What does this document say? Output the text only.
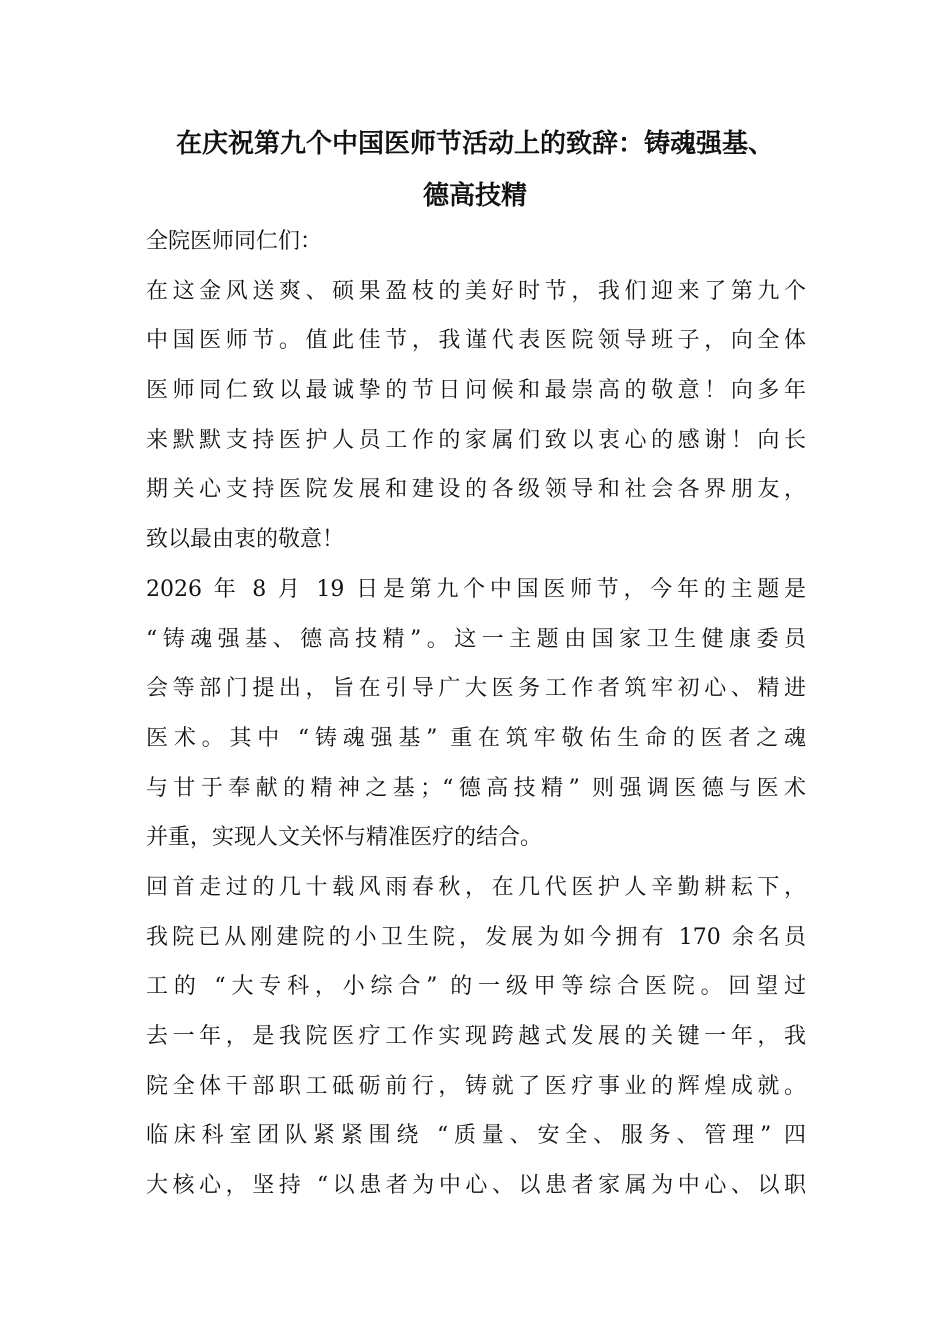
在庆祝第九个中国医师节活动上的致辞：铸魂强基、
德高技精
全院医师同仁们：
在这金风送爽、硕果盈枝的美好时节，我们迎来了第九个
中国医师节。值此佳节，我谨代表医院领导班子，向全体
医师同仁致以最诚挚的节日问候和最崇高的敬意！向多年
来默默支持医护人员工作的家属们致以衷心的感谢！向长
期关心支持医院发展和建设的各级领导和社会各界朋友，
致以最由衷的敬意！
2026 年 8 月 19 日是第九个中国医师节，今年的主题是
“铸魂强基、德高技精”。这一主题由国家卫生健康委员
会等部门提出，旨在引导广大医务工作者筑牢初心、精进
医术。其中 “铸魂强基” 重在筑牢敬佑生命的医者之魂
与甘于奉献的精神之基；“德高技精” 则强调医德与医术
并重，实现人文关怀与精准医疗的结合。
回首走过的几十载风雨春秋，在几代医护人辛勤耕耘下，
我院已从刚建院的小卫生院，发展为如今拥有 170 余名员
工的 “大专科，小综合” 的一级甲等综合医院。回望过
去一年，是我院医疗工作实现跨越式发展的关键一年，我
院全体干部职工砥砺前行，铸就了医疗事业的辉煌成就。
临床科室团队紧紧围绕 “质量、安全、服务、管理” 四
大核心，坚持 “以患者为中心、以患者家属为中心、以职
